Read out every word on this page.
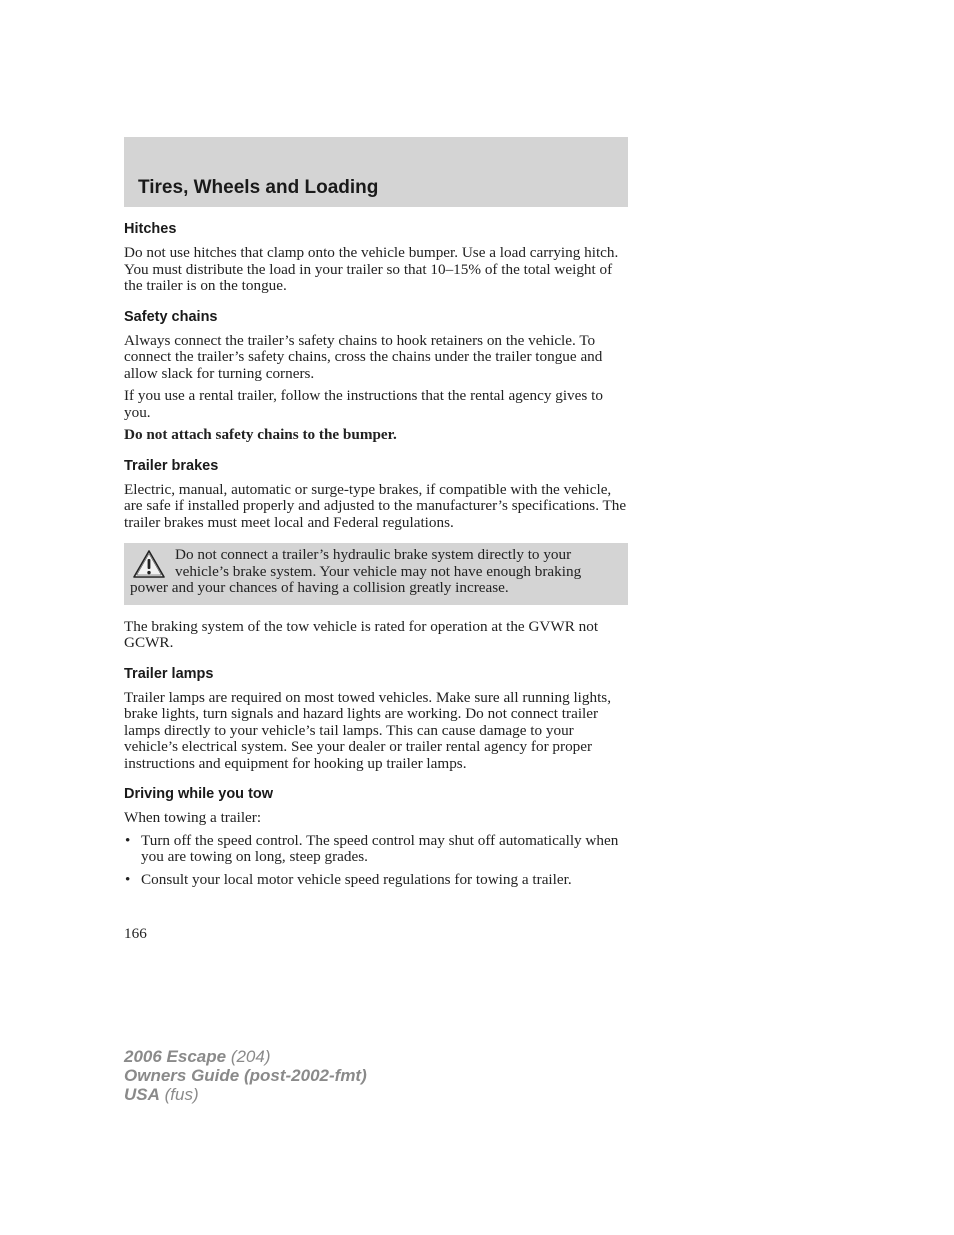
Tires, Wheels and Loading
Hitches

Do not use hitches that clamp onto the vehicle bumper. Use a load carrying hitch. You must distribute the load in your trailer so that 10–15% of the total weight of the trailer is on the tongue.

Safety chains

Always connect the trailer’s safety chains to hook retainers on the vehicle. To connect the trailer’s safety chains, cross the chains under the trailer tongue and allow slack for turning corners.

If you use a rental trailer, follow the instructions that the rental agency gives to you.

Do not attach safety chains to the bumper.

Trailer brakes

Electric, manual, automatic or surge-type brakes, if compatible with the vehicle, are safe if installed properly and adjusted to the manufacturer’s specifications. The trailer brakes must meet local and Federal regulations.

Do not connect a trailer’s hydraulic brake system directly to your vehicle’s brake system. Your vehicle may not have enough braking power and your chances of having a collision greatly increase.

The braking system of the tow vehicle is rated for operation at the GVWR not GCWR.

Trailer lamps

Trailer lamps are required on most towed vehicles. Make sure all running lights, brake lights, turn signals and hazard lights are working. Do not connect trailer lamps directly to your vehicle’s tail lamps. This can cause damage to your vehicle’s electrical system. See your dealer or trailer rental agency for proper instructions and equipment for hooking up trailer lamps.

Driving while you tow

When towing a trailer:

• Turn off the speed control. The speed control may shut off automatically when you are towing on long, steep grades.
• Consult your local motor vehicle speed regulations for towing a trailer.
166
2006 Escape (204)
Owners Guide (post-2002-fmt)
USA (fus)
